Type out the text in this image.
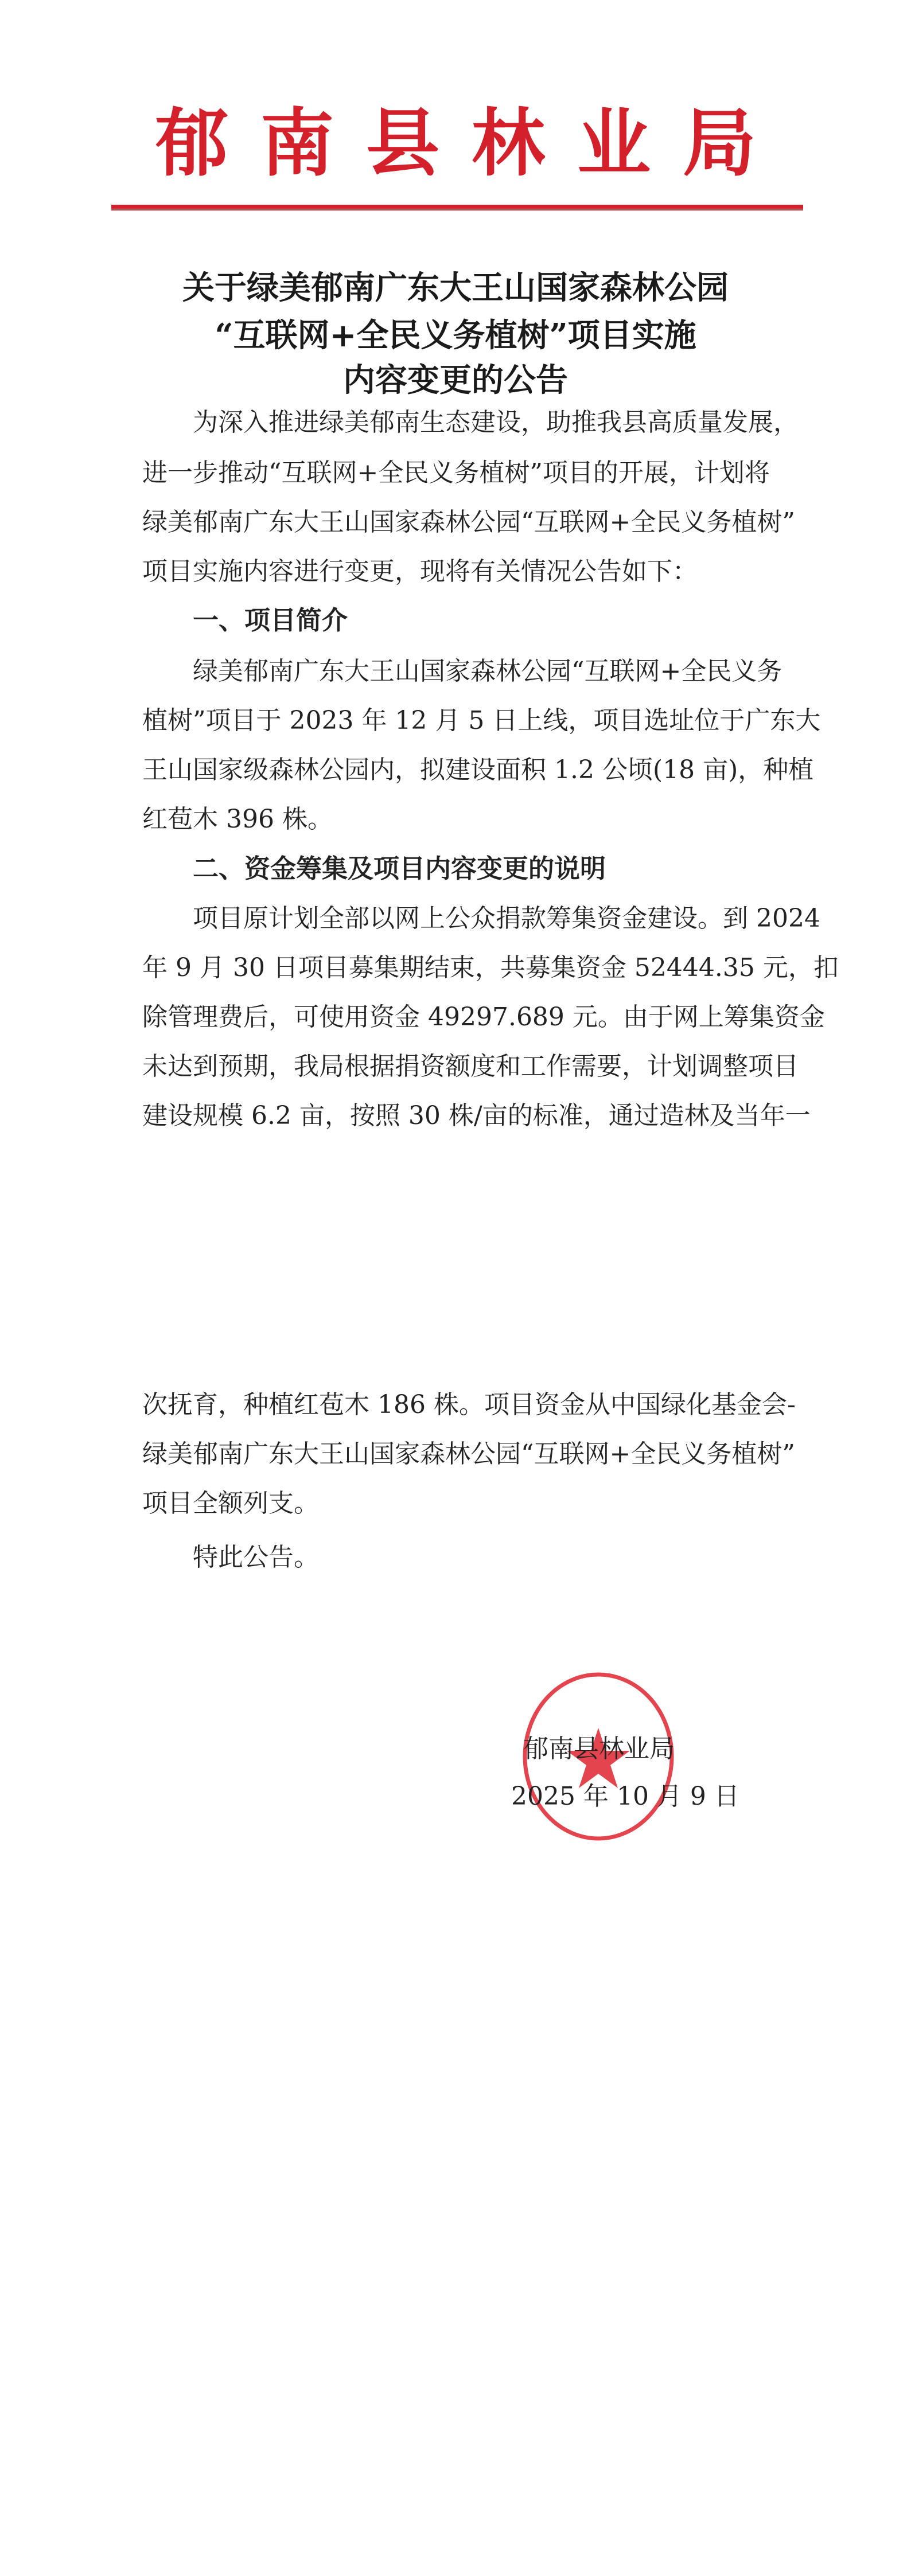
郁南县林业局
关于绿美郁南广东大王山国家森林公园
“互联网+全民义务植树”项目实施
内容变更的公告
为深入推进绿美郁南生态建设，助推我县高质量发展，
进一步推动“互联网+全民义务植树”项目的开展，计划将
绿美郁南广东大王山国家森林公园“互联网+全民义务植树”
项目实施内容进行变更，现将有关情况公告如下：
一、项目简介
绿美郁南广东大王山国家森林公园“互联网+全民义务
植树”项目于 2023 年 12 月 5 日上线，项目选址位于广东大
王山国家级森林公园内，拟建设面积 1.2 公顷(18 亩)，种植
红苞木 396 株。
二、资金筹集及项目内容变更的说明
项目原计划全部以网上公众捐款筹集资金建设。到 2024
年 9 月 30 日项目募集期结束，共募集资金 52444.35 元，扣
除管理费后，可使用资金 49297.689 元。由于网上筹集资金
未达到预期，我局根据捐资额度和工作需要，计划调整项目
建设规模 6.2 亩，按照 30 株/亩的标准，通过造林及当年一
次抚育，种植红苞木 186 株。项目资金从中国绿化基金会-
绿美郁南广东大王山国家森林公园“互联网+全民义务植树”
项目全额列支。
特此公告。
郁南县林业局
2025 年 10 月 9 日
